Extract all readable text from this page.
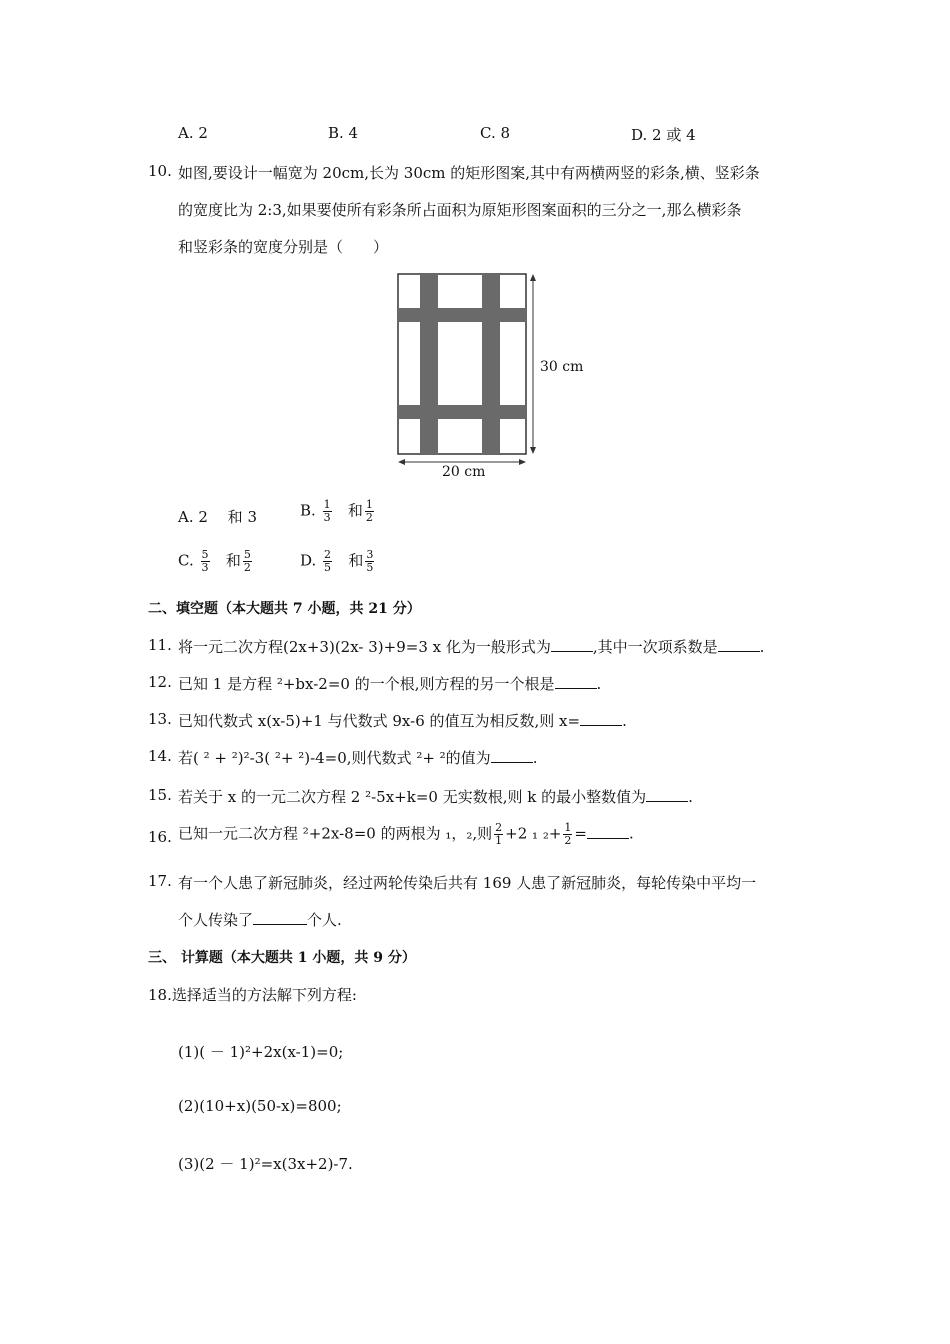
A. 2	B. 4	C. 8	D. 2 或 4
10. 如图,要设计一幅宽为 20cm,长为 30cm 的矩形图案,其中有两横两竖的彩条,横、竖彩条
的宽度比为 2:3,如果要使所有彩条所占面积为原矩形图案面积的三分之一,那么横彩条
和竖彩条的宽度分别是（　　）
30 cm
20 cm
A. 2　 和 3	B. $\frac{1}{3}$ 和 $\frac{1}{2}$
C. $\frac{5}{3}$ 和 $\frac{5}{2}$	D. $\frac{2}{5}$ 和 $\frac{3}{5}$
二、填空题（本大题共 7 小题，共 21 分）
11. 将一元二次方程(2x+3)(2x- 3)+9=3 x 化为一般形式为	,其中一次项系数是	.
12. 已知 1 是方程 ²+bx-2=0 的一个根,则方程的另一个根是	.
13. 已知代数式 x(x-5)+1 与代数式 9x-6 的值互为相反数,则 x=	.
14. 若( ² + ²)²-3( ²+ ²)-4=0,则代数式 ²+ ²的值为	.
15. 若关于 x 的一元二次方程 2 ²-5x+k=0 无实数根,则 k 的最小整数值为	.
16. 已知一元二次方程 ²+2x-8=0 的两根为 ₁，₂,则 $\frac{2}{1} +2$ ₁ $_2+ \frac{1}{2}$ =	.
17. 有一个人患了新冠肺炎，经过两轮传染后共有 169 人患了新冠肺炎，每轮传染中平均一
个人传染了	个人.
三、 计算题（本大题共 1 小题，共 9 分）
18.选择适当的方法解下列方程:
(1)( － 1)²+2x(x-1)=0;
(2)(10+x)(50-x)=800;
(3)(2 － 1)²=x(3x+2)-7.
